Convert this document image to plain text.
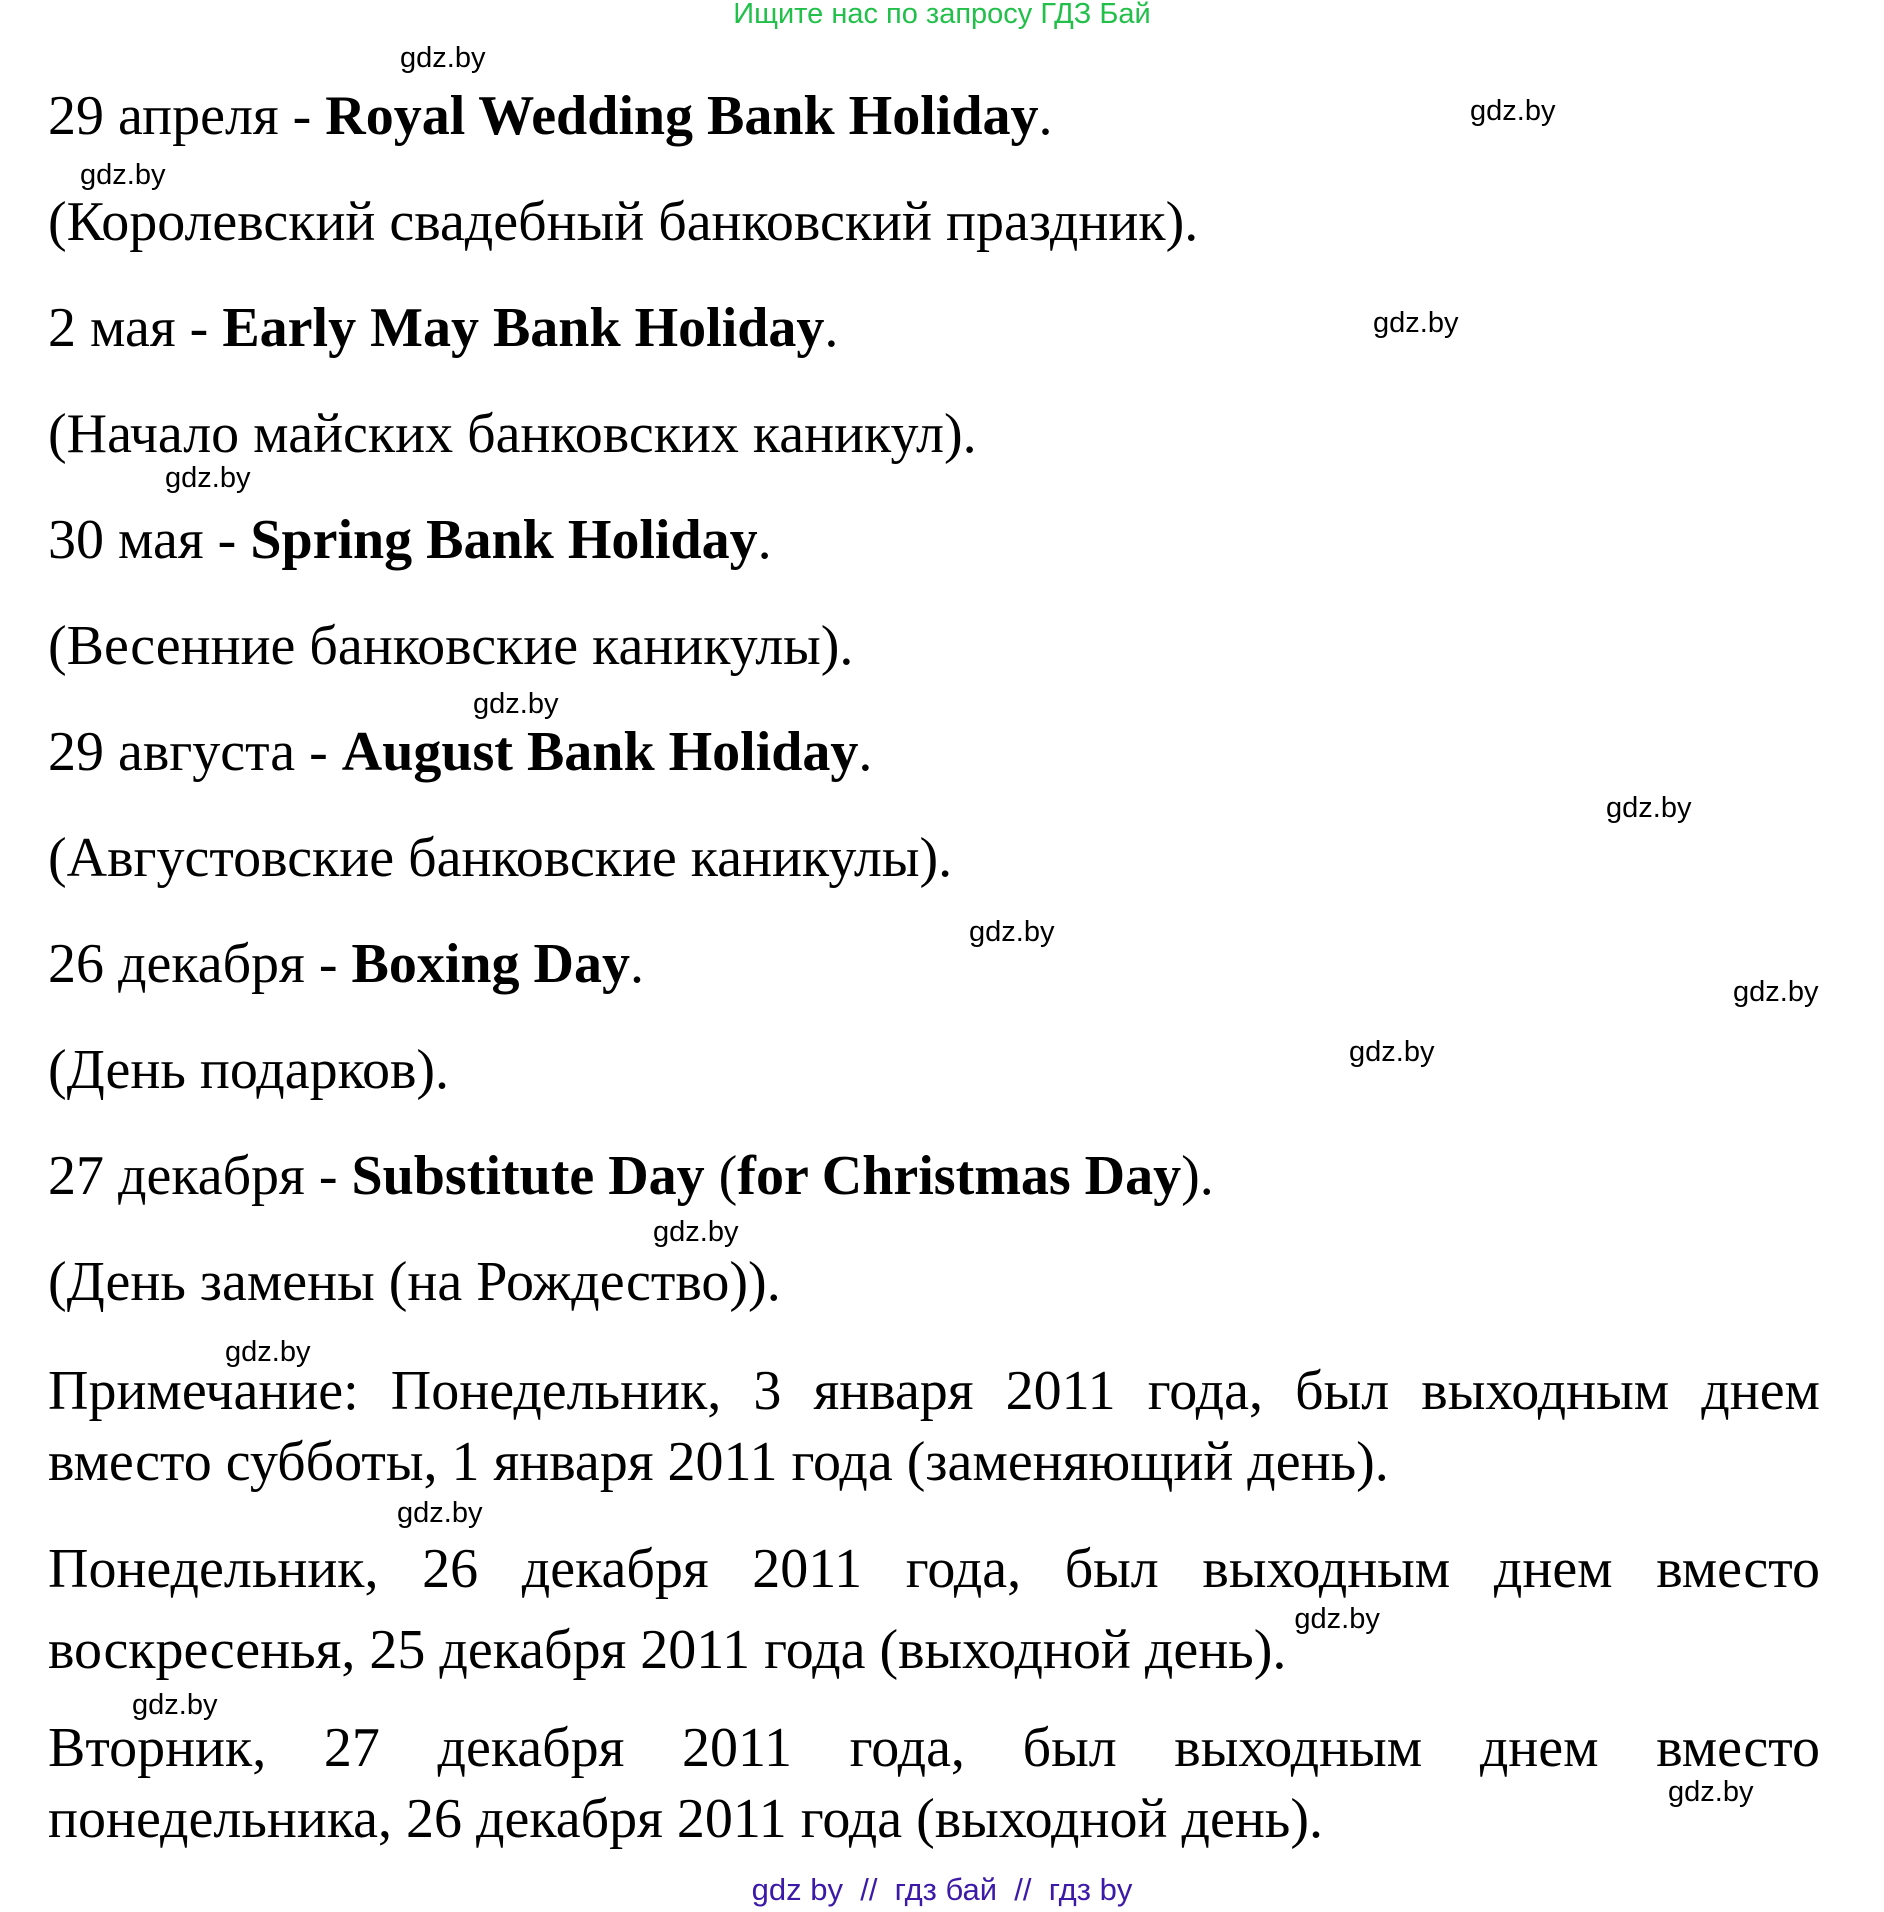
Ищите нас по запросу ГДЗ Бай
29 апреля - Royal Wedding Bank Holiday.
(Королевский свадебный банковский праздник).
2 мая - Early May Bank Holiday.
(Начало майских банковских каникул).
30 мая - Spring Bank Holiday.
(Весенние банковские каникулы).
29 августа - August Bank Holiday.
(Августовские банковские каникулы).
26 декабря - Boxing Day.
(День подарков).
27 декабря - Substitute Day (for Christmas Day).
(День замены (на Рождество)).
Примечание: Понедельник, 3 января 2011 года, был выходным днем вместо субботы, 1 января 2011 года (заменяющий день).
Понедельник, 26 декабря 2011 года, был выходным днем вместо воскресенья, 25 декабря 2011 года (выходной день). gdz.by
Вторник, 27 декабря 2011 года, был выходным днем вместо понедельника, 26 декабря 2011 года (выходной день).
gdz.by
gdz.by
gdz.by
gdz.by
gdz.by
gdz.by
gdz.by
gdz.by
gdz.by
gdz.by
gdz.by
gdz.by
gdz.by
gdz.by
gdz.by
gdz by  //  гдз бай  //  гдз by
